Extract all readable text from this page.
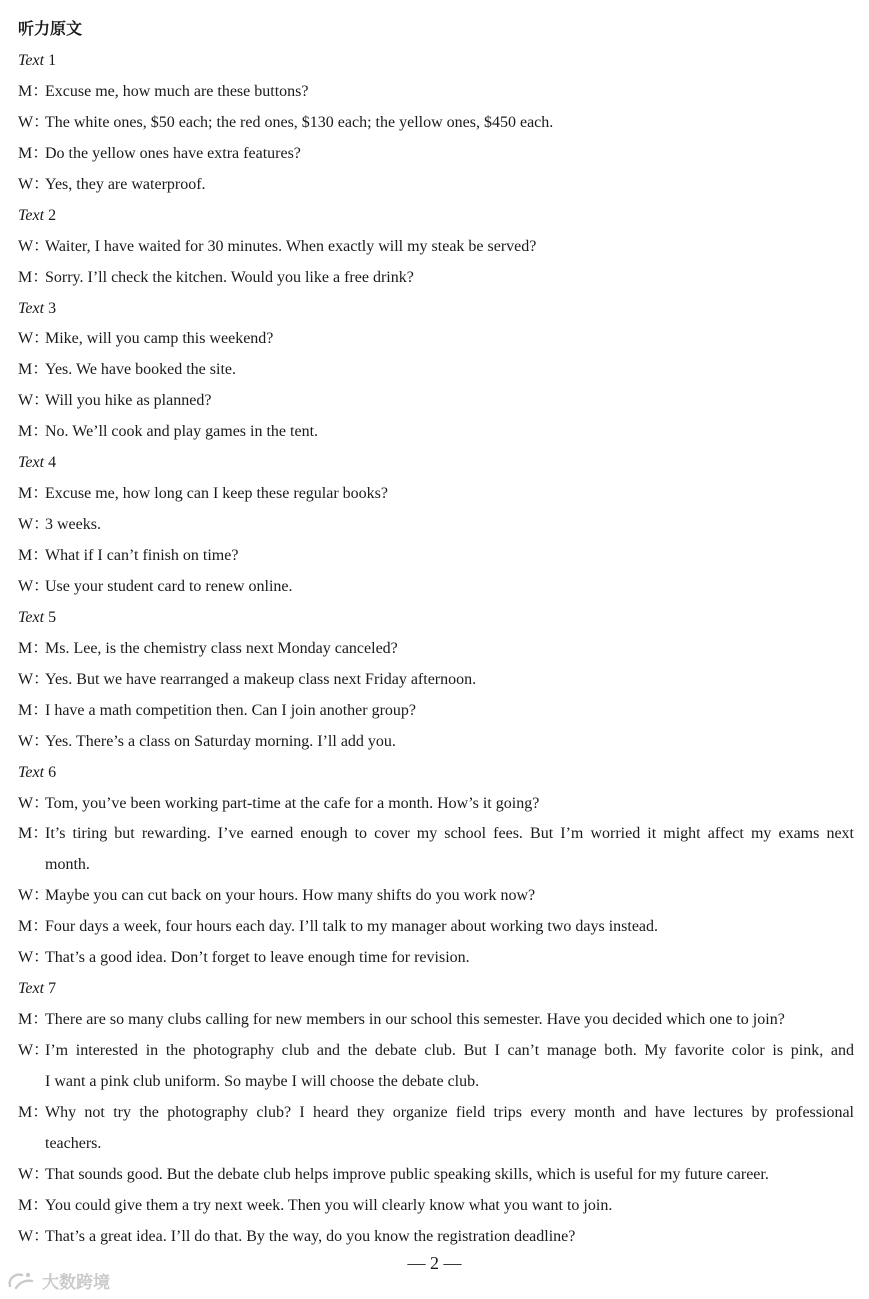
听力原文
Text 1
M：
Excuse me, how much are these buttons?
W：
The white ones, $50 each; the red ones, $130 each; the yellow ones, $450 each.
M：
Do the yellow ones have extra features?
W：
Yes, they are waterproof.
Text 2
W：
Waiter, I have waited for 30 minutes. When exactly will my steak be served?
M：
Sorry. I’ll check the kitchen. Would you like a free drink?
Text 3
W：
Mike, will you camp this weekend?
M：
Yes. We have booked the site.
W：
Will you hike as planned?
M：
No. We’ll cook and play games in the tent.
Text 4
M：
Excuse me, how long can I keep these regular books?
W：
3 weeks.
M：
What if I can’t finish on time?
W：
Use your student card to renew online.
Text 5
M：
Ms. Lee, is the chemistry class next Monday canceled?
W：
Yes. But we have rearranged a makeup class next Friday afternoon.
M：
I have a math competition then. Can I join another group?
W：
Yes. There’s a class on Saturday morning. I’ll add you.
Text 6
W：
Tom, you’ve been working part-time at the cafe for a month. How’s it going?
M：
It’s tiring but rewarding. I’ve earned enough to cover my school fees. But I’m worried it might affect my exams next
month.
W：
Maybe you can cut back on your hours. How many shifts do you work now?
M：
Four days a week, four hours each day. I’ll talk to my manager about working two days instead.
W：
That’s a good idea. Don’t forget to leave enough time for revision.
Text 7
M：
There are so many clubs calling for new members in our school this semester. Have you decided which one to join?
W：
I’m interested in the photography club and the debate club. But I can’t manage both. My favorite color is pink, and
I want a pink club uniform. So maybe I will choose the debate club.
M：
Why not try the photography club? I heard they organize field trips every month and have lectures by professional
teachers.
W：
That sounds good. But the debate club helps improve public speaking skills, which is useful for my future career.
M：
You could give them a try next week. Then you will clearly know what you want to join.
W：
That’s a great idea. I’ll do that. By the way, do you know the registration deadline?
— 2 —
大数跨境
